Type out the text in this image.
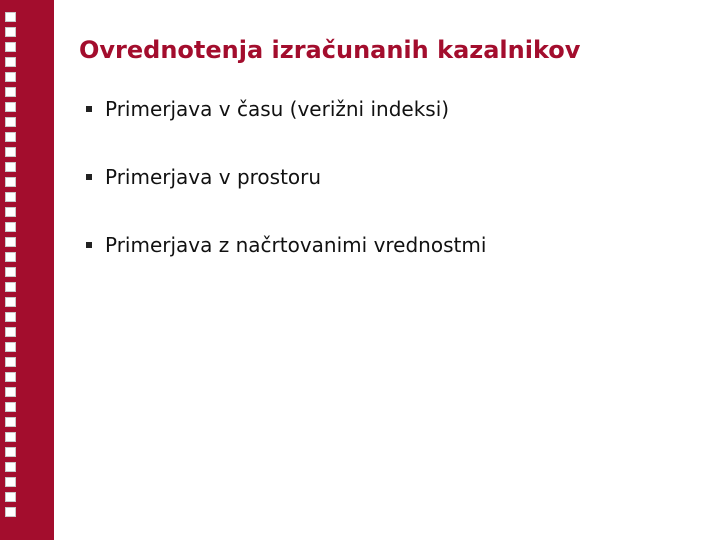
Ovrednotenja izračunanih kazalnikov
Primerjava v času (verižni indeksi)
Primerjava v prostoru
Primerjava z načrtovanimi vrednostmi
